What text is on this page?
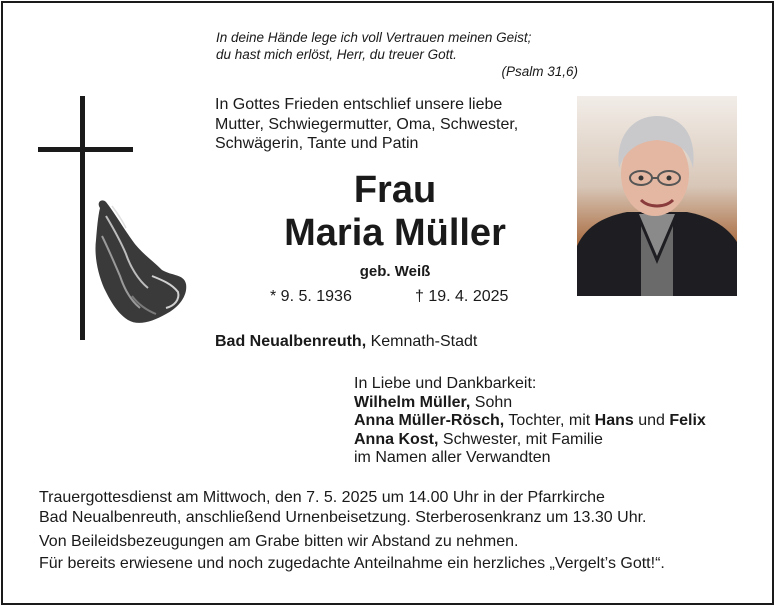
In deine Hände lege ich voll Vertrauen meinen Geist;
du hast mich erlöst, Herr, du treuer Gott.
(Psalm 31,6)
In Gottes Frieden entschlief unsere liebe
Mutter, Schwiegermutter, Oma, Schwester,
Schwägerin, Tante und Patin
Frau
Maria Müller
geb. Weiß
* 9. 5. 1936	† 19. 4. 2025
Bad Neualbenreuth, Kemnath-Stadt
In Liebe und Dankbarkeit:
Wilhelm Müller, Sohn
Anna Müller-Rösch, Tochter, mit Hans und Felix
Anna Kost, Schwester, mit Familie
im Namen aller Verwandten
Trauergottesdienst am Mittwoch, den 7. 5. 2025 um 14.00 Uhr in der Pfarrkirche
Bad Neualbenreuth, anschließend Urnenbeisetzung. Sterberosenkranz um 13.30 Uhr.
Von Beileidsbezeugungen am Grabe bitten wir Abstand zu nehmen.
Für bereits erwiesene und noch zugedachte Anteilnahme ein herzliches „Vergelt’s Gott!“.
